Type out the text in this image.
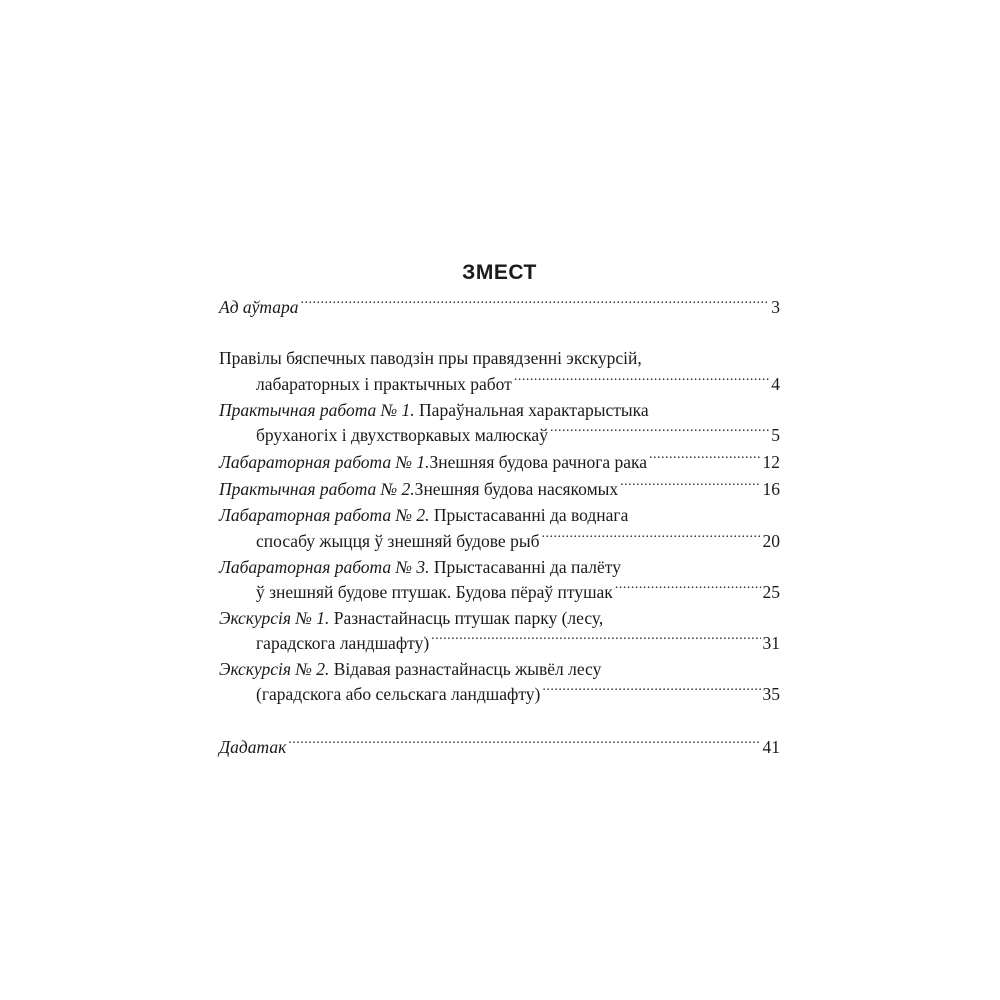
ЗМЕСТ
Ад аўтара .....	3
Правілы бяспечных паводзін пры правядзенні экскурсій,
лабараторных і практычных работ .....	4
Практычная работа № 1. Параўнальная характарыстыка
бруханогіх і двухстворкавых малюскаў .....	5
Лабараторная работа № 1. Знешняя будова рачнога рака .....	12
Практычная работа № 2. Знешняя будова насякомых .....	16
Лабараторная работа № 2. Прыстасаванні да воднага
спосабу жыцця ў знешняй будове рыб .....	20
Лабараторная работа № 3. Прыстасаванні да палёту
ў знешняй будове птушак. Будова пёраў птушак .....	25
Экскурсія № 1. Разнастайнасць птушак парку (лесу,
гарадскога ландшафту) .....	31
Экскурсія № 2. Відавая разнастайнасць жывёл лесу
(гарадскога або сельскага ландшафту) .....	35
Дадатак .....	41
